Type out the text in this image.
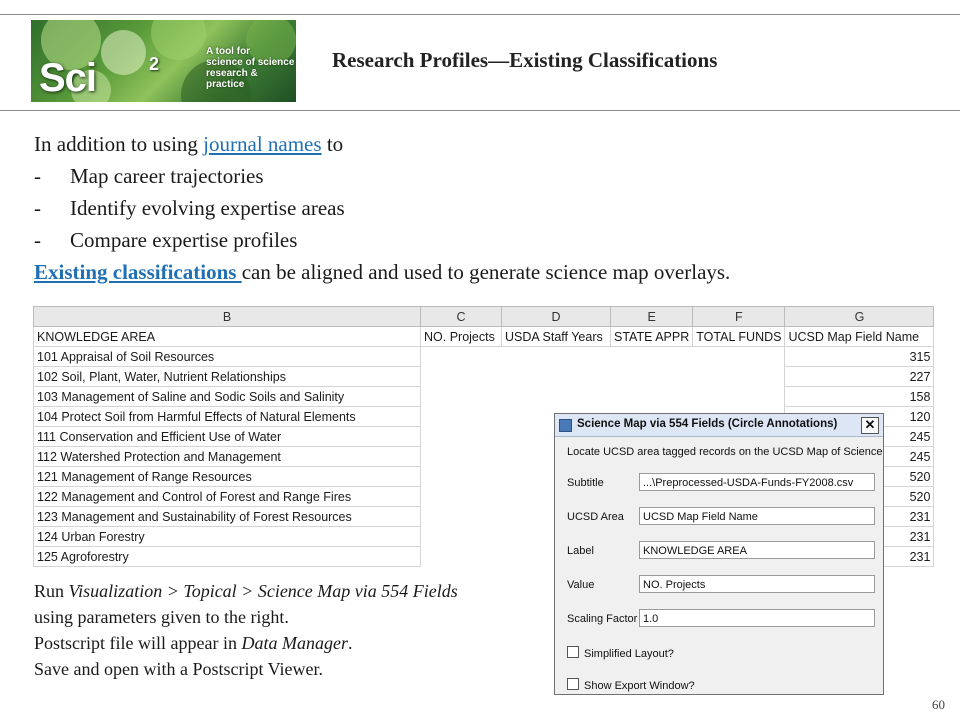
Sci	2
A tool for
science of science
research & practice
Research Profiles—Existing Classifications
In addition to using journal names to
- Map career trajectories
- Identify evolving expertise areas
- Compare expertise profiles
Existing classifications can be aligned and used to generate science map overlays.
B	C	D	E	F	G
KNOWLEDGE AREA	NO. Projects	USDA Staff Years	STATE APPR	TOTAL FUNDS	UCSD Map Field Name
101 Appraisal of Soil Resources					315
102 Soil, Plant, Water, Nutrient Relationships					227
103 Management of Saline and Sodic Soils and Salinity					158
104 Protect Soil from Harmful Effects of Natural Elements					120
111 Conservation and Efficient Use of Water					245
112 Watershed Protection and Management					245
121 Management of Range Resources					520
122 Management and Control of Forest and Range Fires					520
123 Management and Sustainability of Forest Resources					231
124 Urban Forestry					231
125 Agroforestry					231
Run Visualization > Topical > Science Map via 554 Fields
using parameters given to the right.
Postscript file will appear in Data Manager.
Save and open with a Postscript Viewer.
Science Map via 554 Fields (Circle Annotations) ✕
Locate UCSD area tagged records on the UCSD Map of Science
Subtitle	...\Preprocessed-USDA-Funds-FY2008.csv
UCSD Area	UCSD Map Field Name
Label	KNOWLEDGE AREA
Value	NO. Projects
Scaling Factor 1.0
Simplified Layout?
Show Export Window?
60
